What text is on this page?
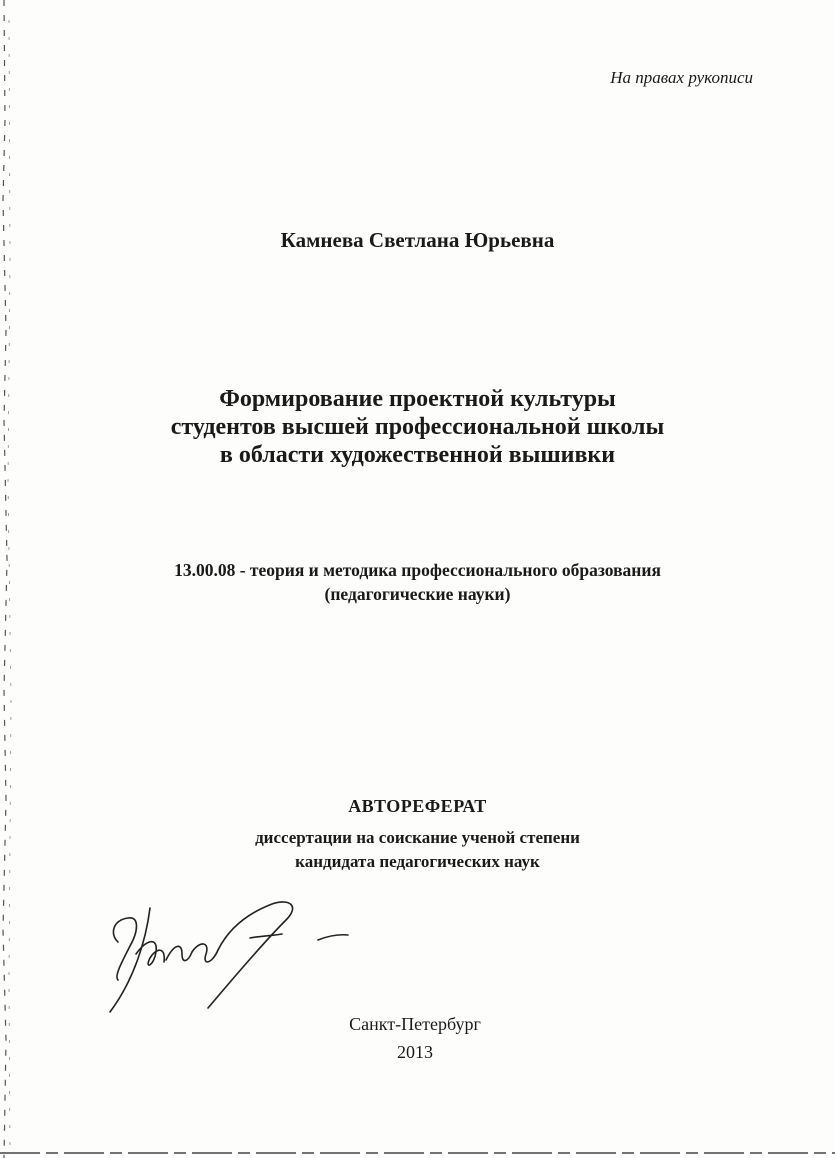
На правах рукописи
Камнева Светлана Юрьевна
Формирование проектной культуры
студентов высшей профессиональной школы
в области художественной вышивки
13.00.08 - теория и методика профессионального образования
(педагогические науки)
АВТОРЕФЕРАТ
диссертации на соискание ученой степени
кандидата педагогических наук
Санкт-Петербург
2013
